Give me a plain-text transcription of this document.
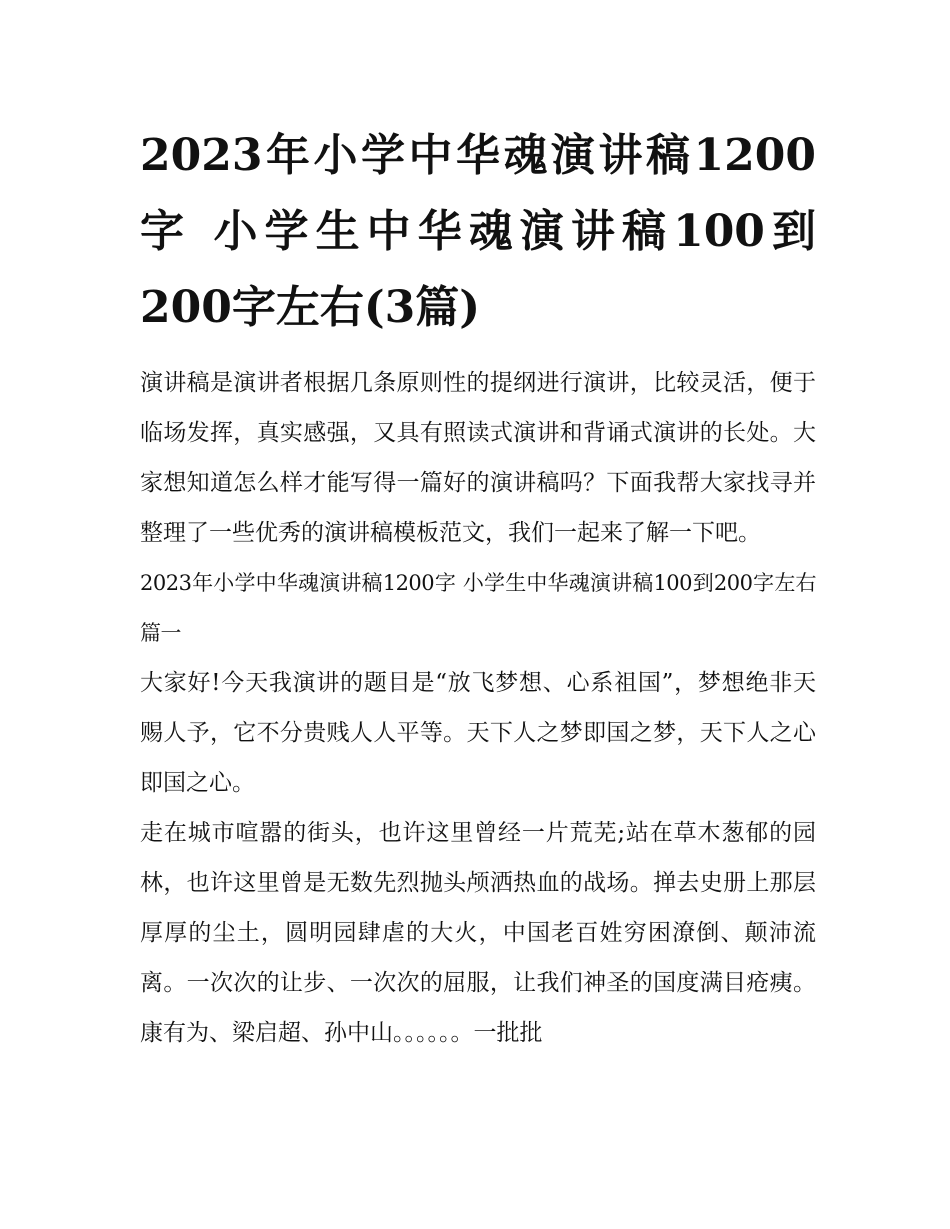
2023年小学中华魂演讲稿1200字 小学生中华魂演讲稿100到200字左右(3篇)

演讲稿是演讲者根据几条原则性的提纲进行演讲，比较灵活，便于临场发挥，真实感强，又具有照读式演讲和背诵式演讲的长处。大家想知道怎么样才能写得一篇好的演讲稿吗？下面我帮大家找寻并整理了一些优秀的演讲稿模板范文，我们一起来了解一下吧。

2023年小学中华魂演讲稿1200字 小学生中华魂演讲稿100到200字左右篇一

大家好!今天我演讲的题目是“放飞梦想、心系祖国”，梦想绝非天赐人予，它不分贵贱人人平等。天下人之梦即国之梦，天下人之心即国之心。

走在城市喧嚣的街头，也许这里曾经一片荒芜;站在草木葱郁的园林，也许这里曾是无数先烈抛头颅洒热血的战场。掸去史册上那层厚厚的尘土，圆明园肆虐的大火，中国老百姓穷困潦倒、颠沛流离。一次次的让步、一次次的屈服，让我们神圣的国度满目疮痍。康有为、梁启超、孙中山。。。。。。一批批
